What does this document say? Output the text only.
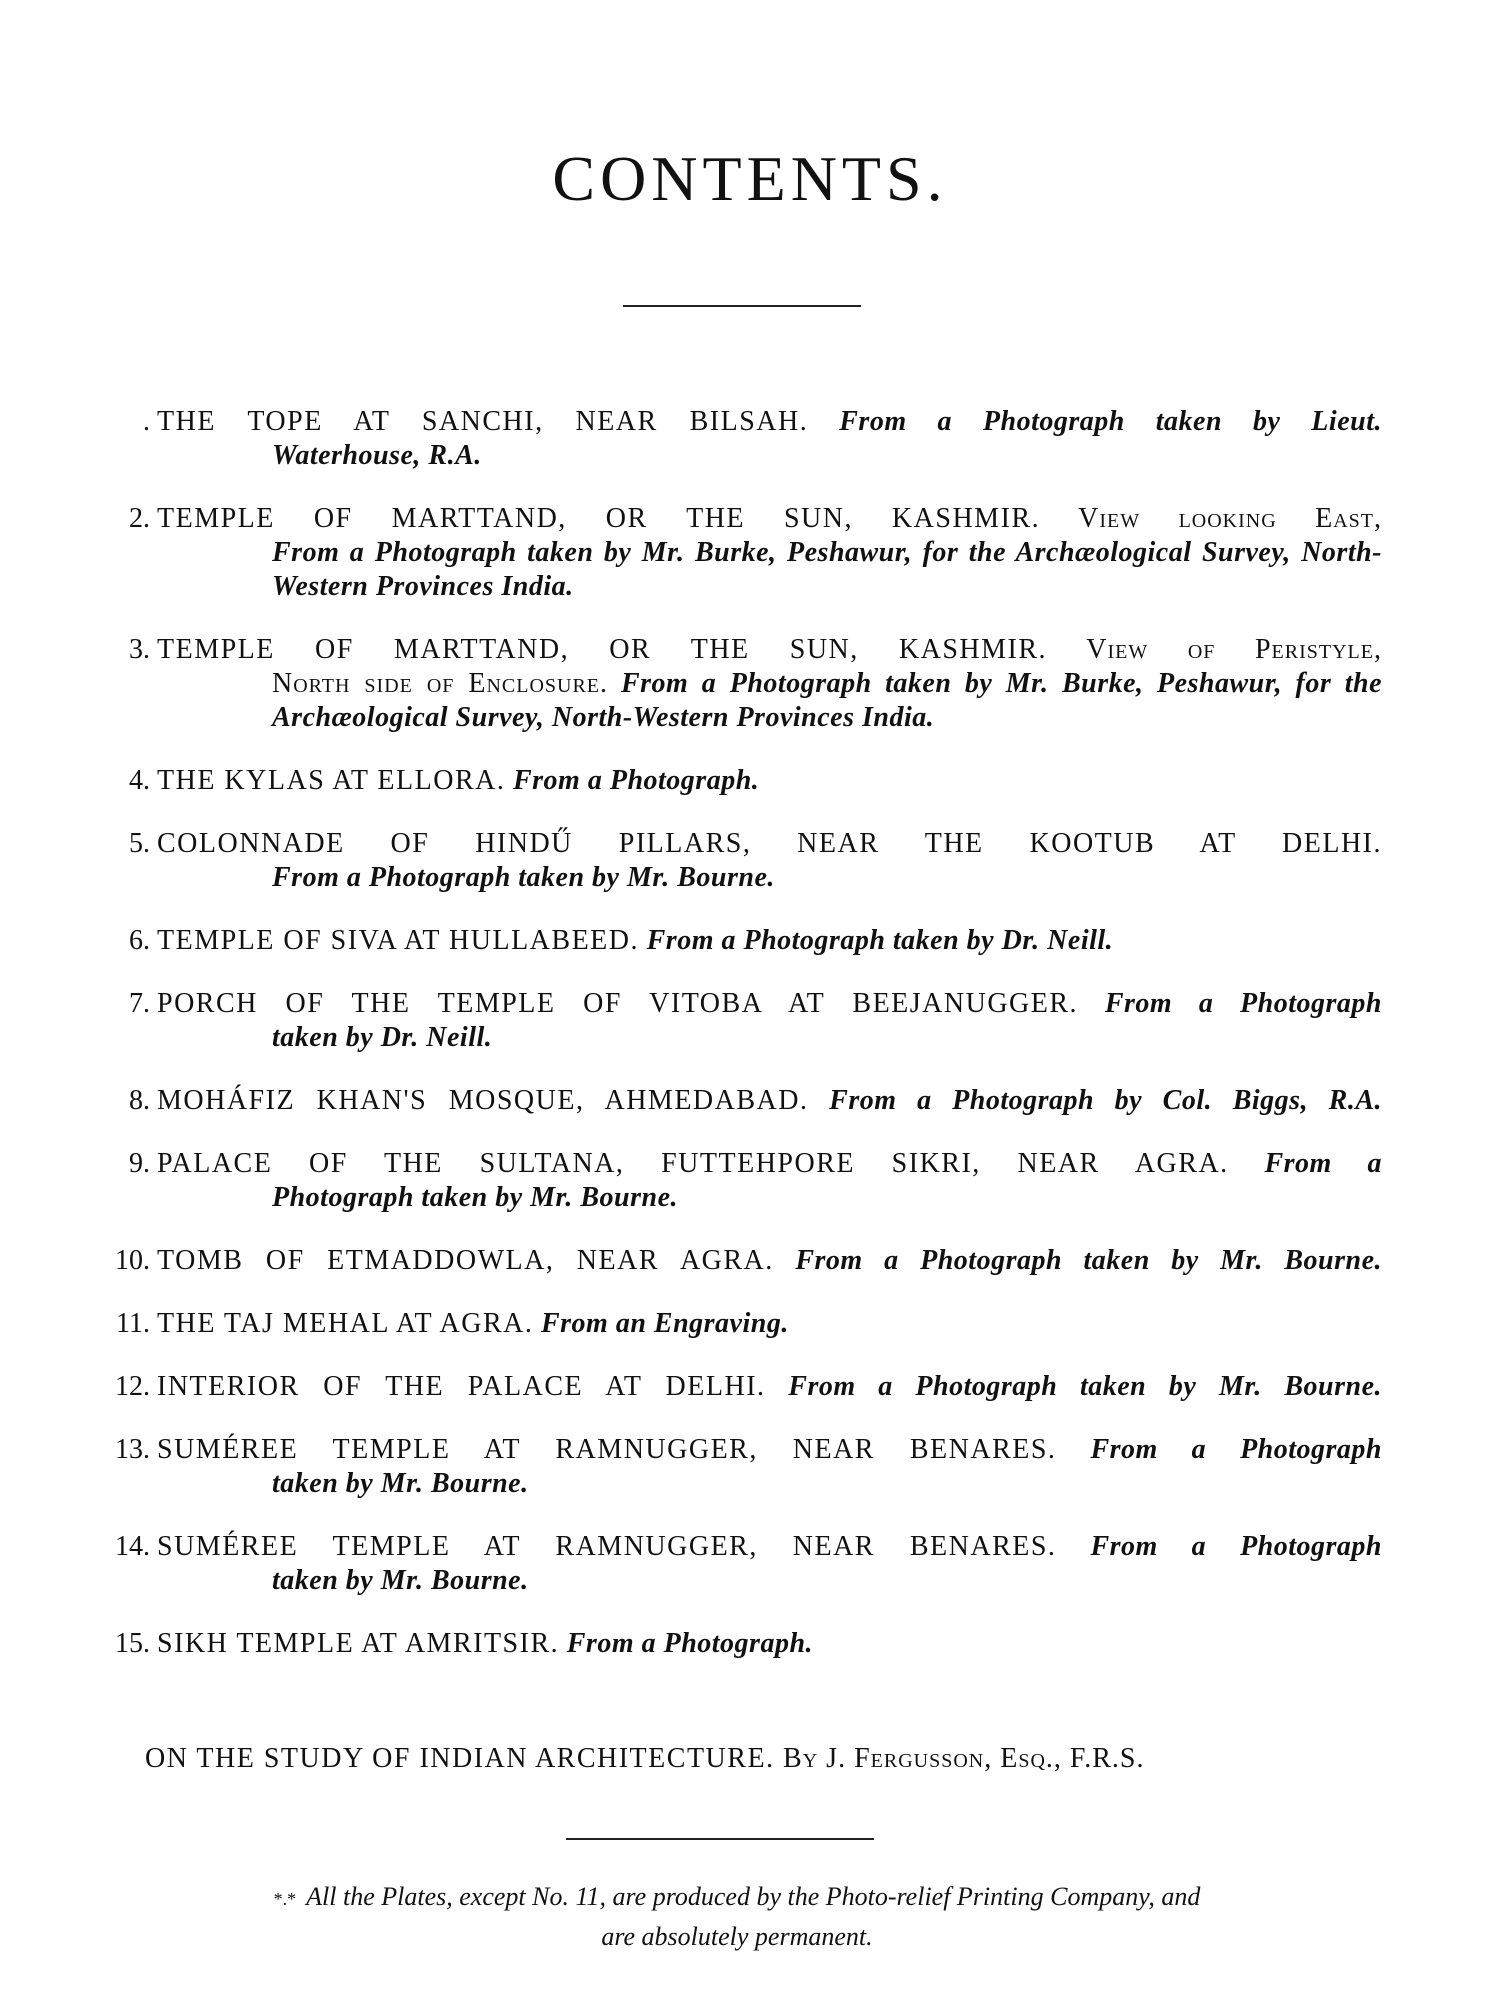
CONTENTS.
. THE TOPE AT SANCHI, NEAR BILSAH. From a Photograph taken by Lieut.
Waterhouse, R.A.
2. TEMPLE OF MARTTAND, OR THE SUN, KASHMIR. View looking East,
From a Photograph taken by Mr. Burke, Peshawur, for the Archæological Survey, North-Western Provinces India.
3. TEMPLE OF MARTTAND, OR THE SUN, KASHMIR. View of Peristyle,
North side of Enclosure. From a Photograph taken by Mr. Burke, Peshawur, for the Archæological Survey, North-Western Provinces India.
4. THE KYLAS AT ELLORA. From a Photograph.
5. COLONNADE OF HINDŰ PILLARS, NEAR THE KOOTUB AT DELHI.
From a Photograph taken by Mr. Bourne.
6. TEMPLE OF SIVA AT HULLABEED. From a Photograph taken by Dr. Neill.
7. PORCH OF THE TEMPLE OF VITOBA AT BEEJANUGGER. From a Photograph
taken by Dr. Neill.
8. MOHÁFIZ KHAN'S MOSQUE, AHMEDABAD. From a Photograph by Col. Biggs, R.A.
9. PALACE OF THE SULTANA, FUTTEHPORE SIKRI, NEAR AGRA. From a
Photograph taken by Mr. Bourne.
10. TOMB OF ETMADDOWLA, NEAR AGRA. From a Photograph taken by Mr. Bourne.
11. THE TAJ MEHAL AT AGRA. From an Engraving.
12. INTERIOR OF THE PALACE AT DELHI. From a Photograph taken by Mr. Bourne.
13. SUMÉREE TEMPLE AT RAMNUGGER, NEAR BENARES. From a Photograph
taken by Mr. Bourne.
14. SUMÉREE TEMPLE AT RAMNUGGER, NEAR BENARES. From a Photograph
taken by Mr. Bourne.
15. SIKH TEMPLE AT AMRITSIR. From a Photograph.
ON THE STUDY OF INDIAN ARCHITECTURE. By J. Fergusson, Esq., F.R.S.
*.* All the Plates, except No. 11, are produced by the Photo-relief Printing Company, and
are absolutely permanent.
